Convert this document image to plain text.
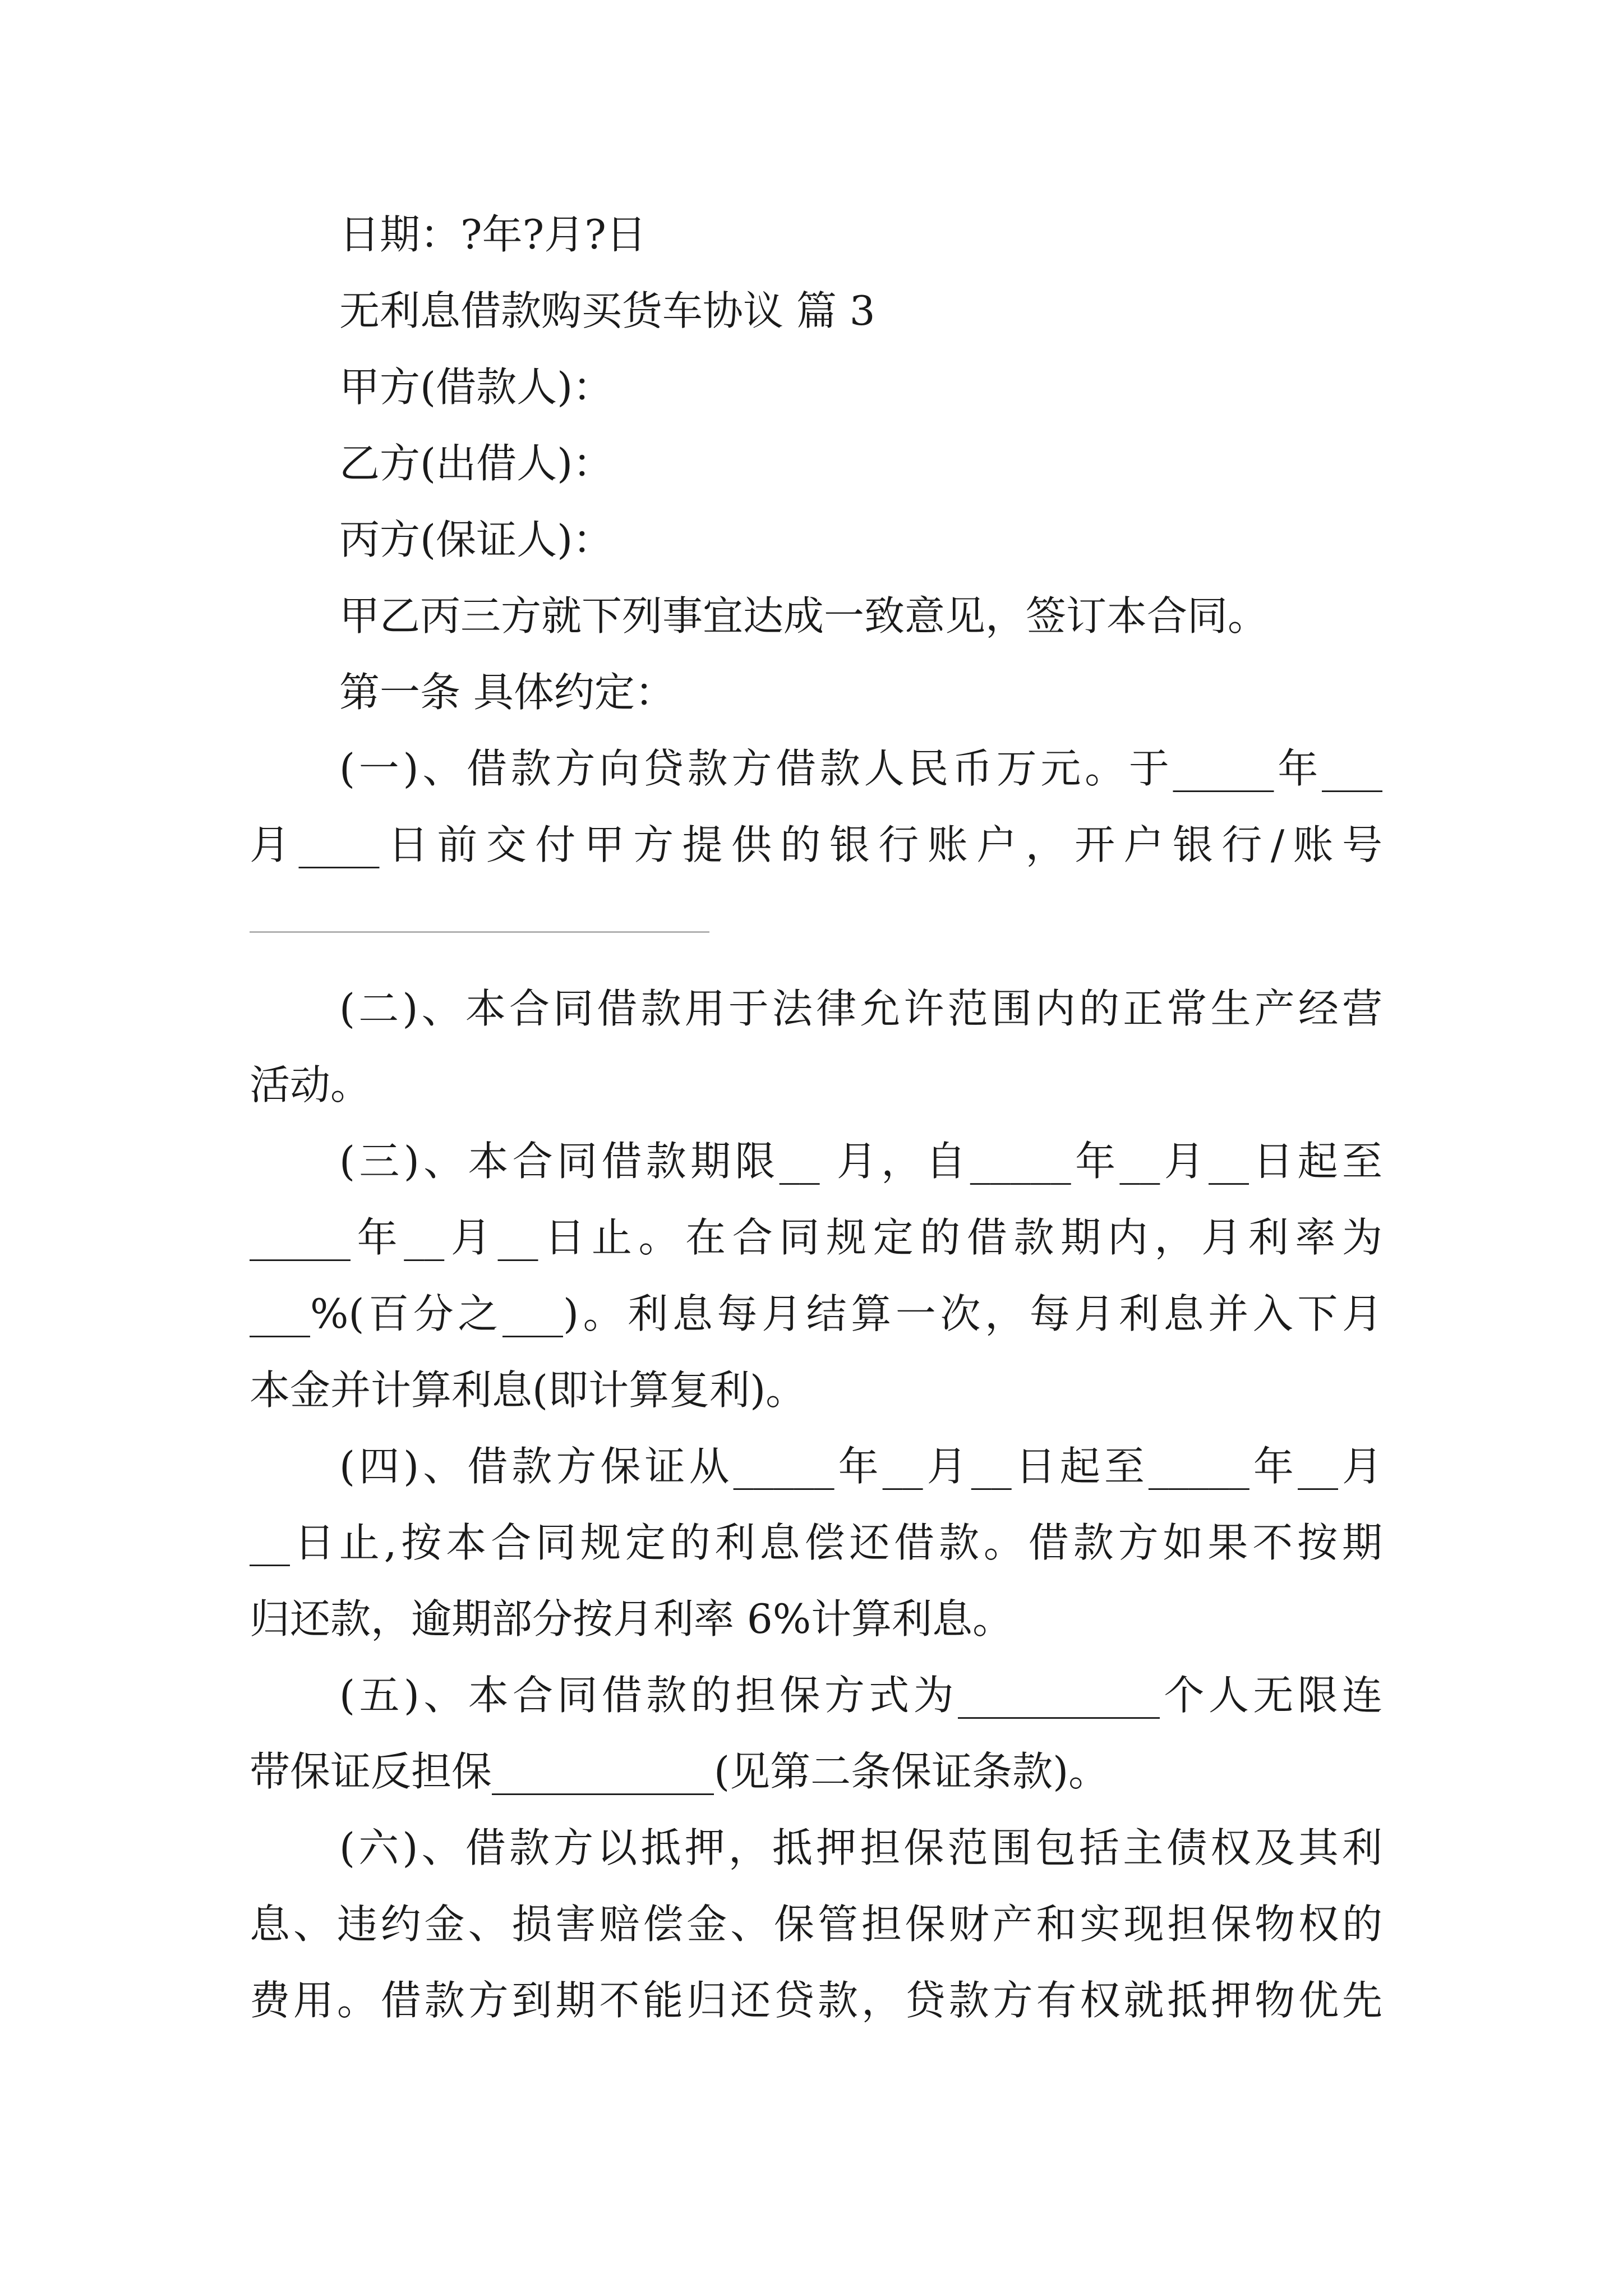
日期：?年?月?日
无利息借款购买货车协议 篇 3
甲方(借款人)：
乙方(出借人)：
丙方(保证人)：
甲乙丙三方就下列事宜达成一致意见，签订本合同。
第一条 具体约定：
(一)、借款方向贷款方借款人民币万元。于_____年___
月____日前交付甲方提供的银行账户，开户银行/账号
(二)、本合同借款用于法律允许范围内的正常生产经营
活动。
(三)、本合同借款期限__ 月，自_____年__月__日起至
_____年__月__日止。在合同规定的借款期内，月利率为
___%(百分之___)。利息每月结算一次，每月利息并入下月
本金并计算利息(即计算复利)。
(四)、借款方保证从_____年__月__日起至_____年__月
__日止,按本合同规定的利息偿还借款。借款方如果不按期
归还款，逾期部分按月利率 6%计算利息。
(五)、本合同借款的担保方式为__________个人无限连
带保证反担保___________(见第二条保证条款)。
(六)、借款方以抵押，抵押担保范围包括主债权及其利
息、违约金、损害赔偿金、保管担保财产和实现担保物权的
费用。借款方到期不能归还贷款，贷款方有权就抵押物优先
